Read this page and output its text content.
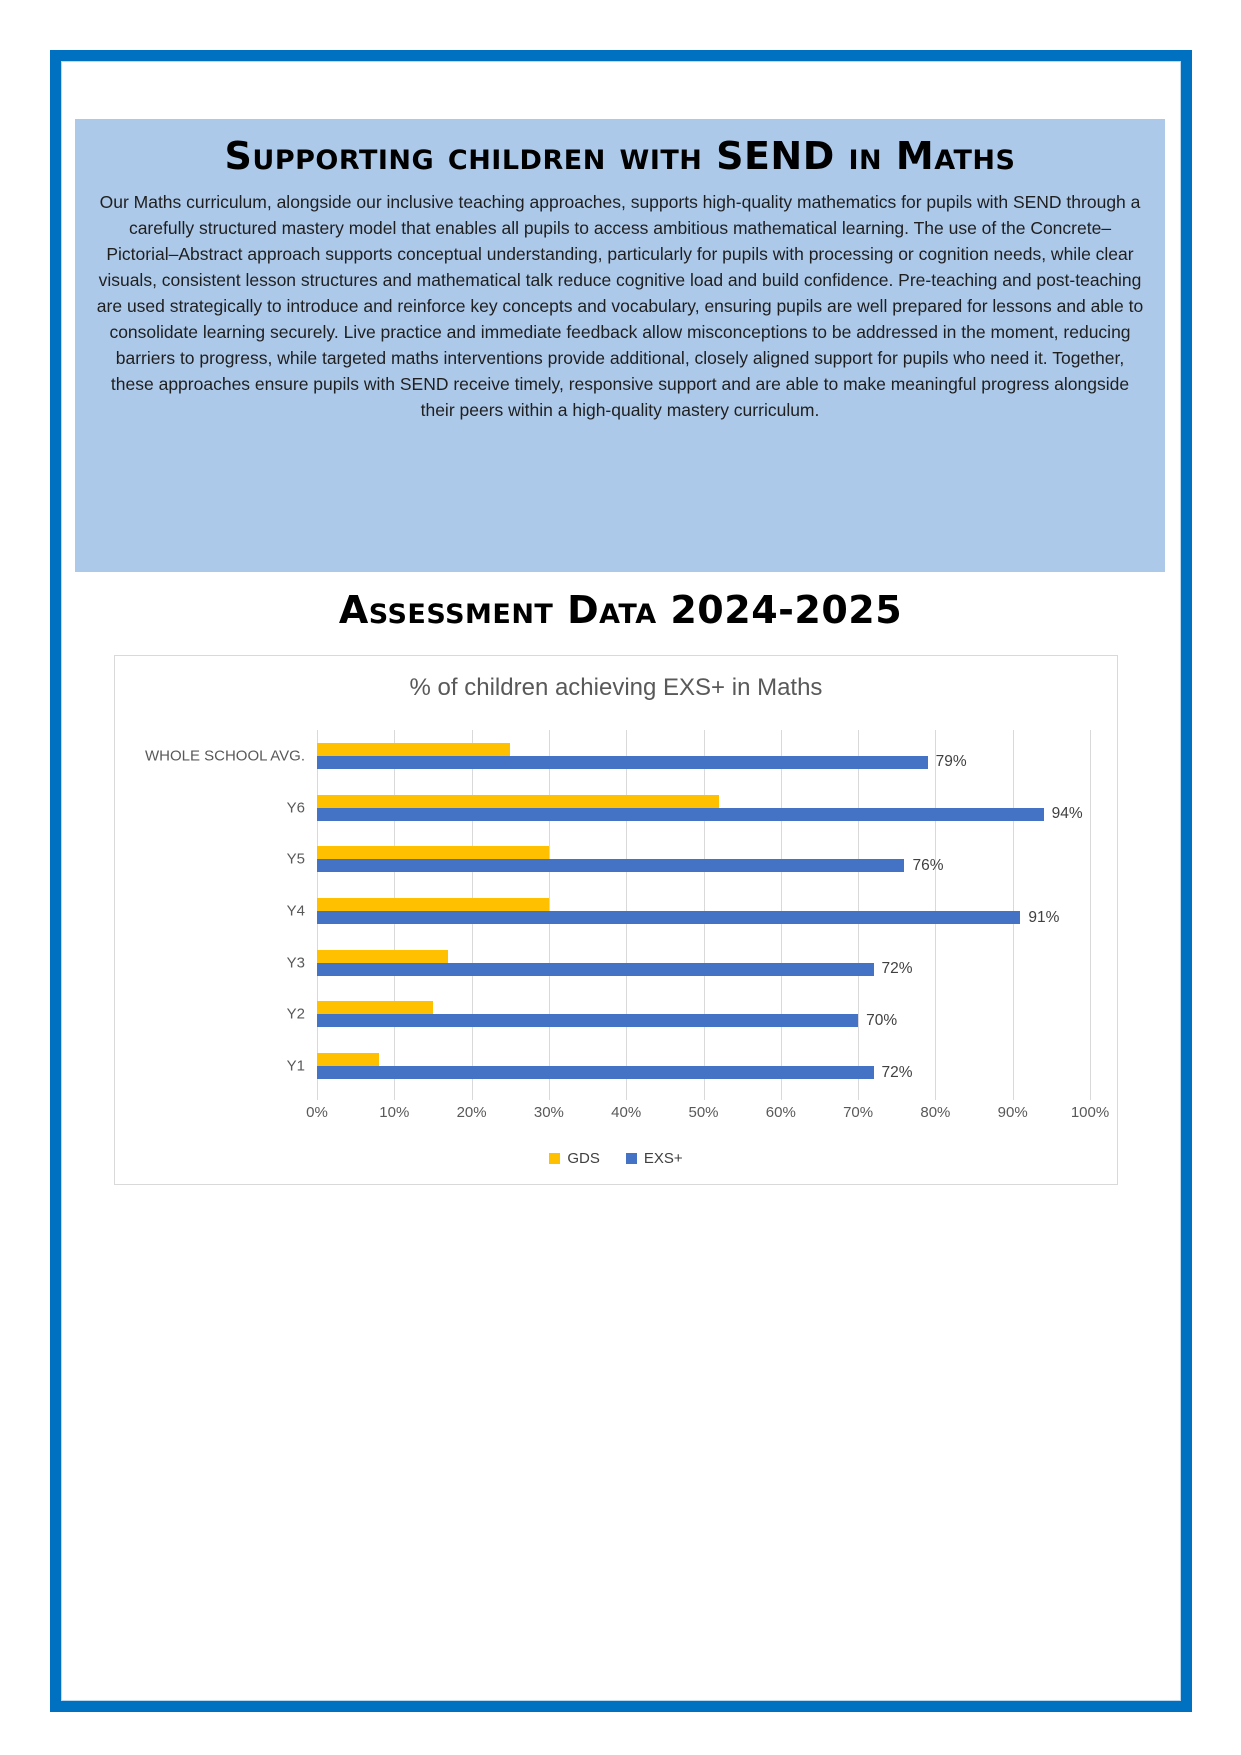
Supporting children with SEND in Maths

Our Maths curriculum, alongside our inclusive teaching approaches, supports high-quality mathematics for pupils with SEND through a carefully structured mastery model that enables all pupils to access ambitious mathematical learning. The use of the Concrete–Pictorial–Abstract approach supports conceptual understanding, particularly for pupils with processing or cognition needs, while clear visuals, consistent lesson structures and mathematical talk reduce cognitive load and build confidence. Pre-teaching and post-teaching are used strategically to introduce and reinforce key concepts and vocabulary, ensuring pupils are well prepared for lessons and able to consolidate learning securely. Live practice and immediate feedback allow misconceptions to be addressed in the moment, reducing barriers to progress, while targeted maths interventions provide additional, closely aligned support for pupils who need it. Together, these approaches ensure pupils with SEND receive timely, responsive support and are able to make meaningful progress alongside their peers within a high-quality mastery curriculum.

Assessment Data 2024-2025
% of children achieving EXS+ in Maths
WHOLE SCHOOL AVG.	79%
Y6	94%
Y5	76%
Y4	91%
Y3	72%
Y2	70%
Y1	72%
0%	10%	20%	30%	40%	50%	60%	70%	80%	90%	100%
GDS	EXS+
